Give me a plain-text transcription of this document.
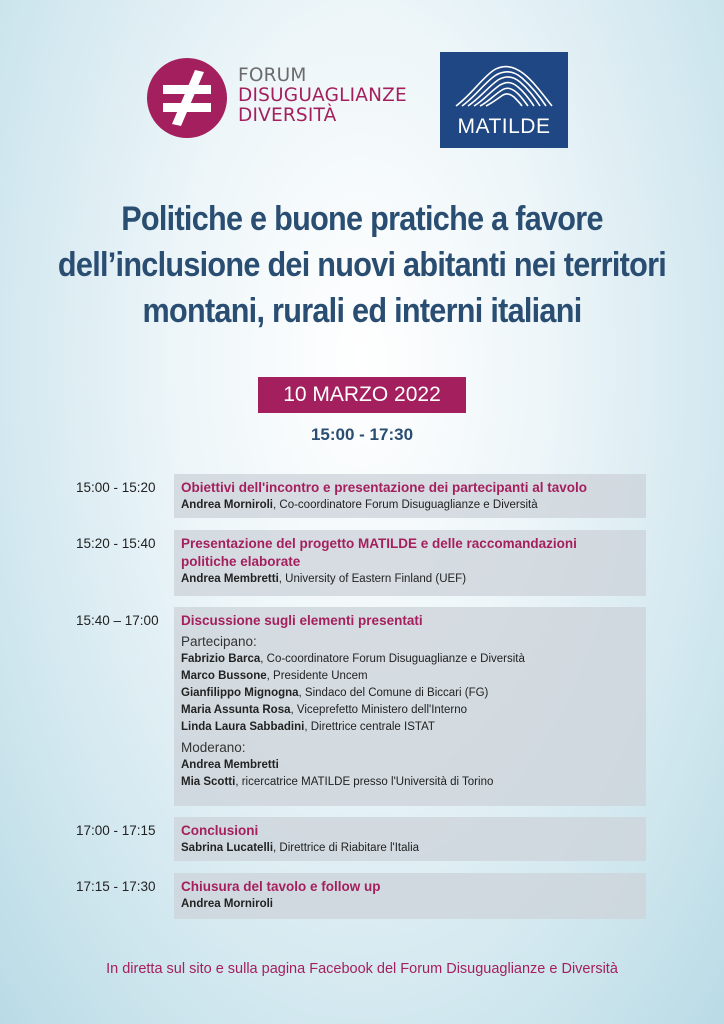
FORUM
DISUGUAGLIANZE
DIVERSITÀ	MATILDE
Politiche e buone pratiche a favore
dell’inclusione dei nuovi abitanti nei territori
montani, rurali ed interni italiani
10 MARZO 2022
15:00 - 17:30
15:00 - 15:20 Obiettivi dell'incontro e presentazione dei partecipanti al tavolo
Andrea Morniroli, Co-coordinatore Forum Disuguaglianze e Diversità
15:20 - 15:40 Presentazione del progetto MATILDE e delle raccomandazioni
politiche elaborate
Andrea Membretti, University of Eastern Finland (UEF)
15:40 – 17:00 Discussione sugli elementi presentati
Partecipano:
Fabrizio Barca, Co-coordinatore Forum Disuguaglianze e Diversità
Marco Bussone, Presidente Uncem
Gianfilippo Mignogna, Sindaco del Comune di Biccari (FG)
Maria Assunta Rosa, Viceprefetto Ministero dell'Interno
Linda Laura Sabbadini, Direttrice centrale ISTAT
Moderano:
Andrea Membretti
Mia Scotti, ricercatrice MATILDE presso l'Università di Torino
17:00 - 17:15 Conclusioni
Sabrina Lucatelli, Direttrice di Riabitare l'Italia
17:15 - 17:30 Chiusura del tavolo e follow up
Andrea Morniroli
In diretta sul sito e sulla pagina Facebook del Forum Disuguaglianze e Diversità
